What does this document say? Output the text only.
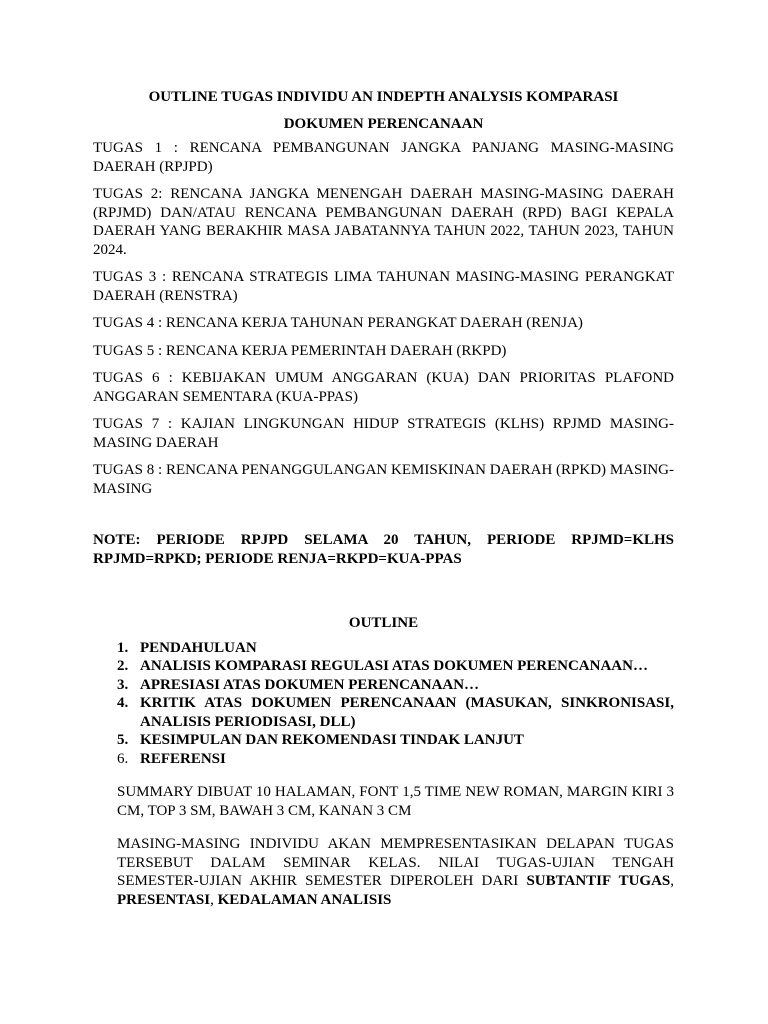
OUTLINE TUGAS INDIVIDU AN INDEPTH ANALYSIS KOMPARASI

DOKUMEN PERENCANAAN

TUGAS 1 : RENCANA PEMBANGUNAN JANGKA PANJANG MASING-MASING DAERAH (RPJPD)

TUGAS 2: RENCANA JANGKA MENENGAH DAERAH MASING-MASING DAERAH (RPJMD) DAN/ATAU RENCANA PEMBANGUNAN DAERAH (RPD) BAGI KEPALA DAERAH YANG BERAKHIR MASA JABATANNYA TAHUN 2022, TAHUN 2023, TAHUN 2024.

TUGAS 3 : RENCANA STRATEGIS LIMA TAHUNAN MASING-MASING PERANGKAT DAERAH (RENSTRA)

TUGAS 4 : RENCANA KERJA TAHUNAN PERANGKAT DAERAH (RENJA)

TUGAS 5 : RENCANA KERJA PEMERINTAH DAERAH (RKPD)

TUGAS 6 : KEBIJAKAN UMUM ANGGARAN (KUA) DAN PRIORITAS PLAFOND ANGGARAN SEMENTARA (KUA-PPAS)

TUGAS 7 : KAJIAN LINGKUNGAN HIDUP STRATEGIS (KLHS) RPJMD MASING-MASING DAERAH

TUGAS 8 : RENCANA PENANGGULANGAN KEMISKINAN DAERAH (RPKD) MASING-MASING

NOTE: PERIODE RPJPD SELAMA 20 TAHUN, PERIODE RPJMD=KLHS RPJMD=RPKD; PERIODE RENJA=RKPD=KUA-PPAS

OUTLINE

1. PENDAHULUAN
2. ANALISIS KOMPARASI REGULASI ATAS DOKUMEN PERENCANAAN…
3. APRESIASI ATAS DOKUMEN PERENCANAAN…
4. KRITIK ATAS DOKUMEN PERENCANAAN (MASUKAN, SINKRONISASI, ANALISIS PERIODISASI, DLL)
5. KESIMPULAN DAN REKOMENDASI TINDAK LANJUT
6. REFERENSI

SUMMARY DIBUAT 10 HALAMAN, FONT 1,5 TIME NEW ROMAN, MARGIN KIRI 3 CM, TOP 3 SM, BAWAH 3 CM, KANAN 3 CM

MASING-MASING INDIVIDU AKAN MEMPRESENTASIKAN DELAPAN TUGAS TERSEBUT DALAM SEMINAR KELAS. NILAI TUGAS-UJIAN TENGAH SEMESTER-UJIAN AKHIR SEMESTER DIPEROLEH DARI SUBTANTIF TUGAS, PRESENTASI, KEDALAMAN ANALISIS
